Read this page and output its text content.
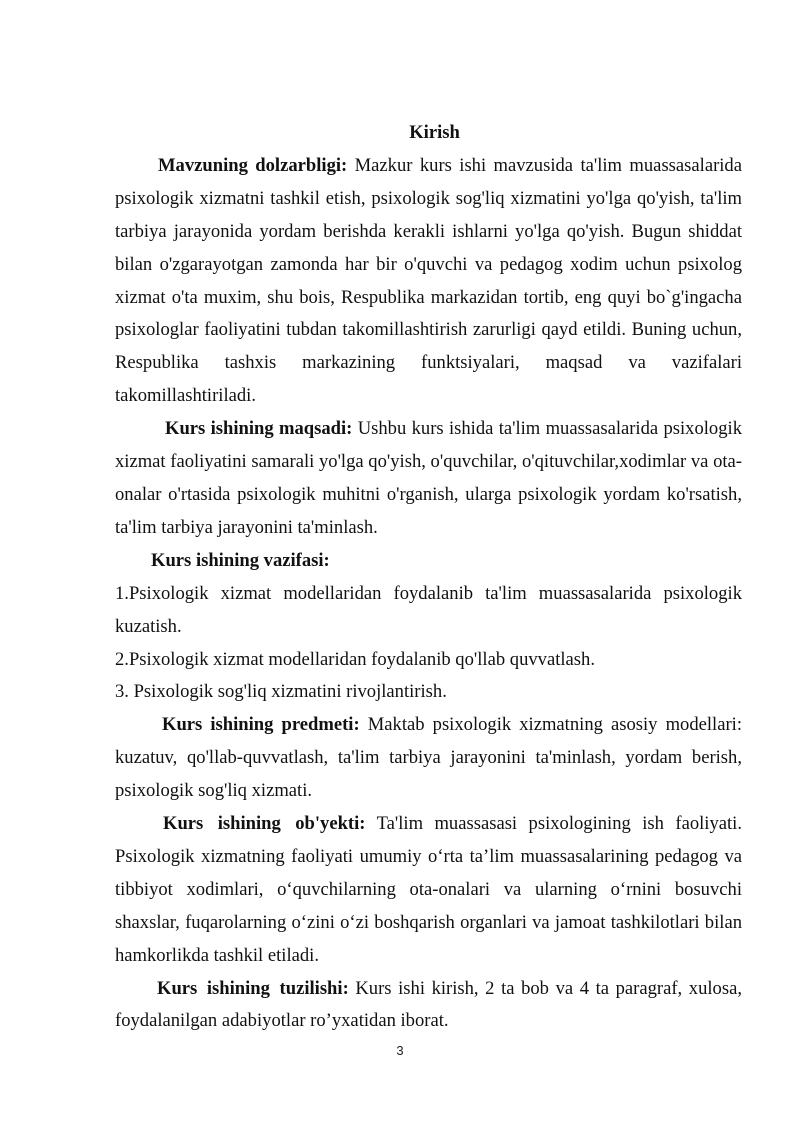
Kirish

Mavzuning dolzarbligi: Mazkur kurs ishi mavzusida ta'lim muassasalarida psixologik xizmatni tashkil etish, psixologik sog'liq xizmatini yo'lga qo'yish, ta'lim tarbiya jarayonida yordam berishda kerakli ishlarni yo'lga qo'yish. Bugun shiddat bilan o'zgarayotgan zamonda har bir o'quvchi va pedagog xodim uchun psixolog xizmat o'ta muxim, shu bois, Respublika markazidan tortib, eng quyi bo`g'ingacha psixologlar faoliyatini tubdan takomillashtirish zarurligi qayd etildi. Buning uchun, Respublika tashxis markazining funktsiyalari, maqsad va vazifalari takomillashtiriladi.

Kurs ishining maqsadi: Ushbu kurs ishida ta'lim muassasalarida psixologik xizmat faoliyatini samarali yo'lga qo'yish, o'quvchilar, o'qituvchilar,xodimlar va ota-onalar o'rtasida psixologik muhitni o'rganish, ularga psixologik yordam ko'rsatish, ta'lim tarbiya jarayonini ta'minlash.

Kurs ishining vazifasi:

1.Psixologik xizmat modellaridan foydalanib ta'lim muassasalarida psixologik kuzatish.

2.Psixologik xizmat modellaridan foydalanib qo'llab quvvatlash.

3. Psixologik sog'liq xizmatini rivojlantirish.

Kurs ishining predmeti: Maktab psixologik xizmatning asosiy modellari: kuzatuv, qo'llab-quvvatlash, ta'lim tarbiya jarayonini ta'minlash, yordam berish, psixologik sog'liq xizmati.

Kurs ishining ob'yekti: Ta'lim muassasasi psixologining ish faoliyati. Psixologik xizmatning faoliyati umumiy o‘rta ta’lim muassasalarining pedagog va tibbiyot xodimlari, o‘quvchilarning ota-onalari va ularning o‘rnini bosuvchi shaxslar, fuqarolarning o‘zini o‘zi boshqarish organlari va jamoat tashkilotlari bilan hamkorlikda tashkil etiladi.

Kurs ishining tuzilishi: Kurs ishi kirish, 2 ta bob va 4 ta paragraf, xulosa, foydalanilgan adabiyotlar ro’yxatidan iborat.

3
